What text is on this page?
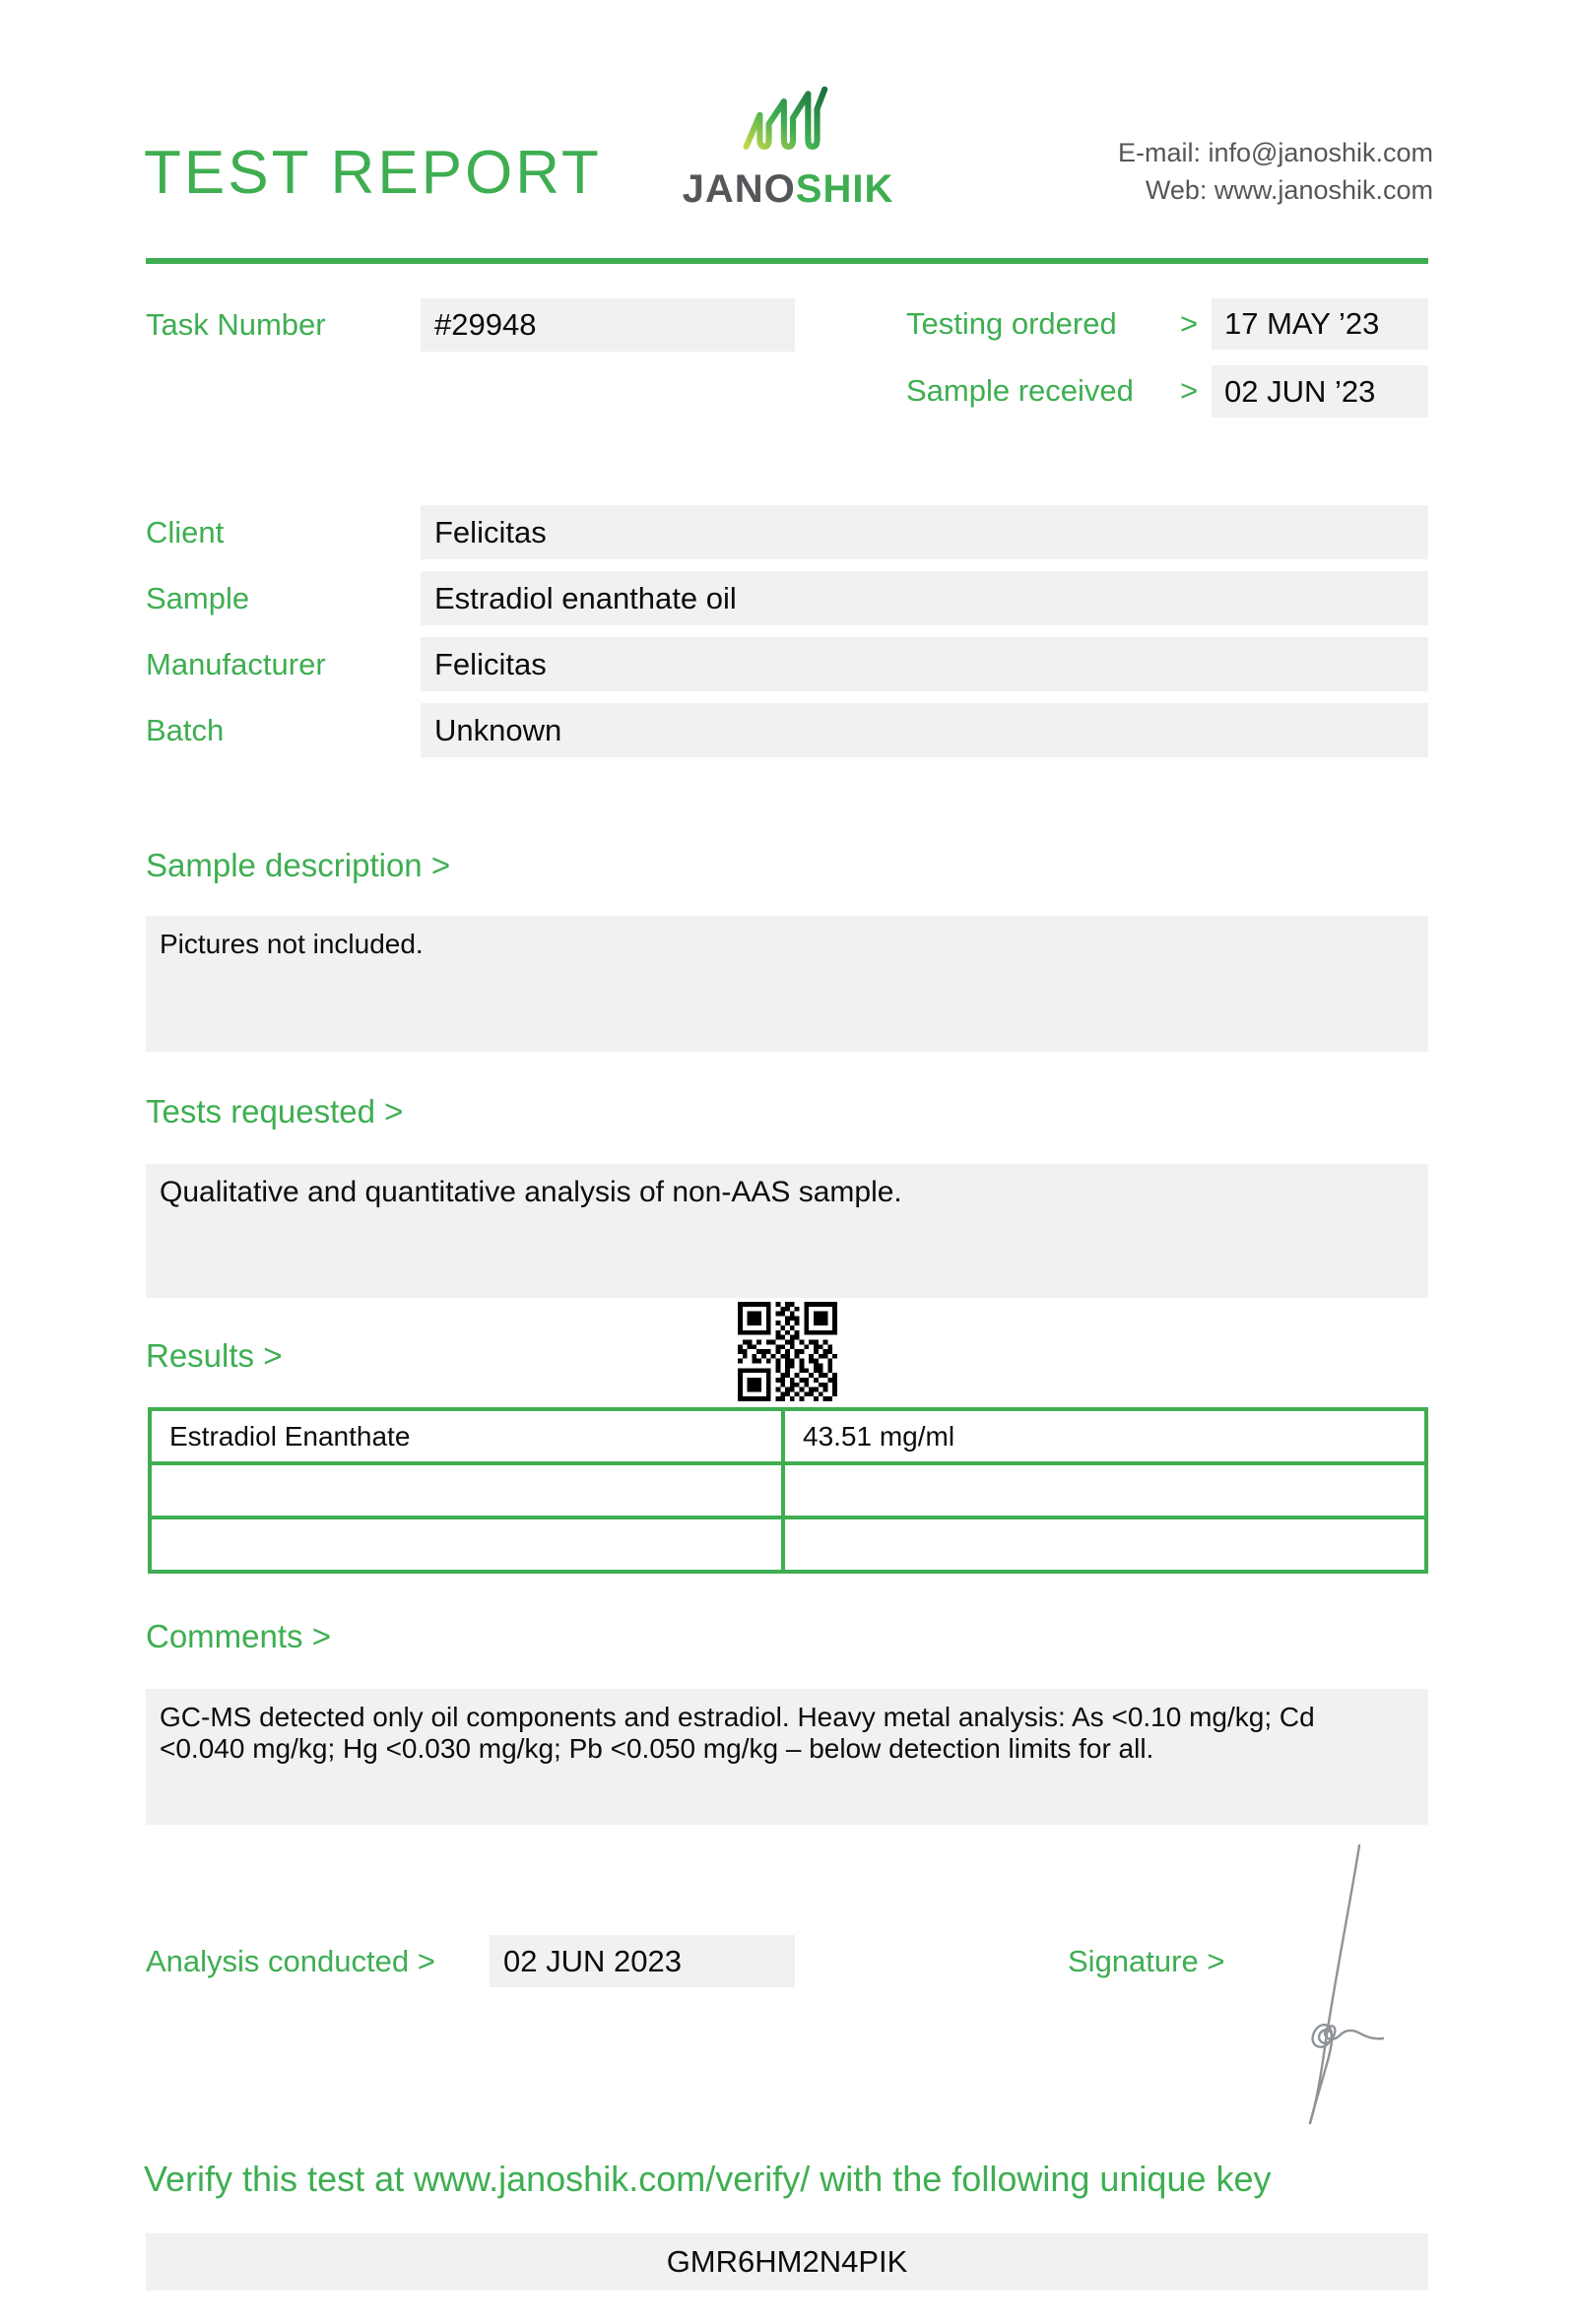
TEST REPORT JANOSHIK
E-mail: info@janoshik.com
Web: www.janoshik.com
Task Number	#29948	Testing ordered > 17 MAY ’23
Sample received > 02 JUN ’23
Client	Felicitas
Sample	Estradiol enanthate oil
Manufacturer	Felicitas
Batch	Unknown
Sample description >
Pictures not included.
Tests requested >
Qualitative and quantitative analysis of non-AAS sample.
Results >
Estradiol Enanthate	43.51 mg/ml
Comments >
GC-MS detected only oil components and estradiol. Heavy metal analysis: As <0.10 mg/kg; Cd <0.040 mg/kg; Hg <0.030 mg/kg; Pb <0.050 mg/kg – below detection limits for all.
Analysis conducted >	02 JUN 2023	Signature >
Verify this test at www.janoshik.com/verify/ with the following unique key
GMR6HM2N4PIK
